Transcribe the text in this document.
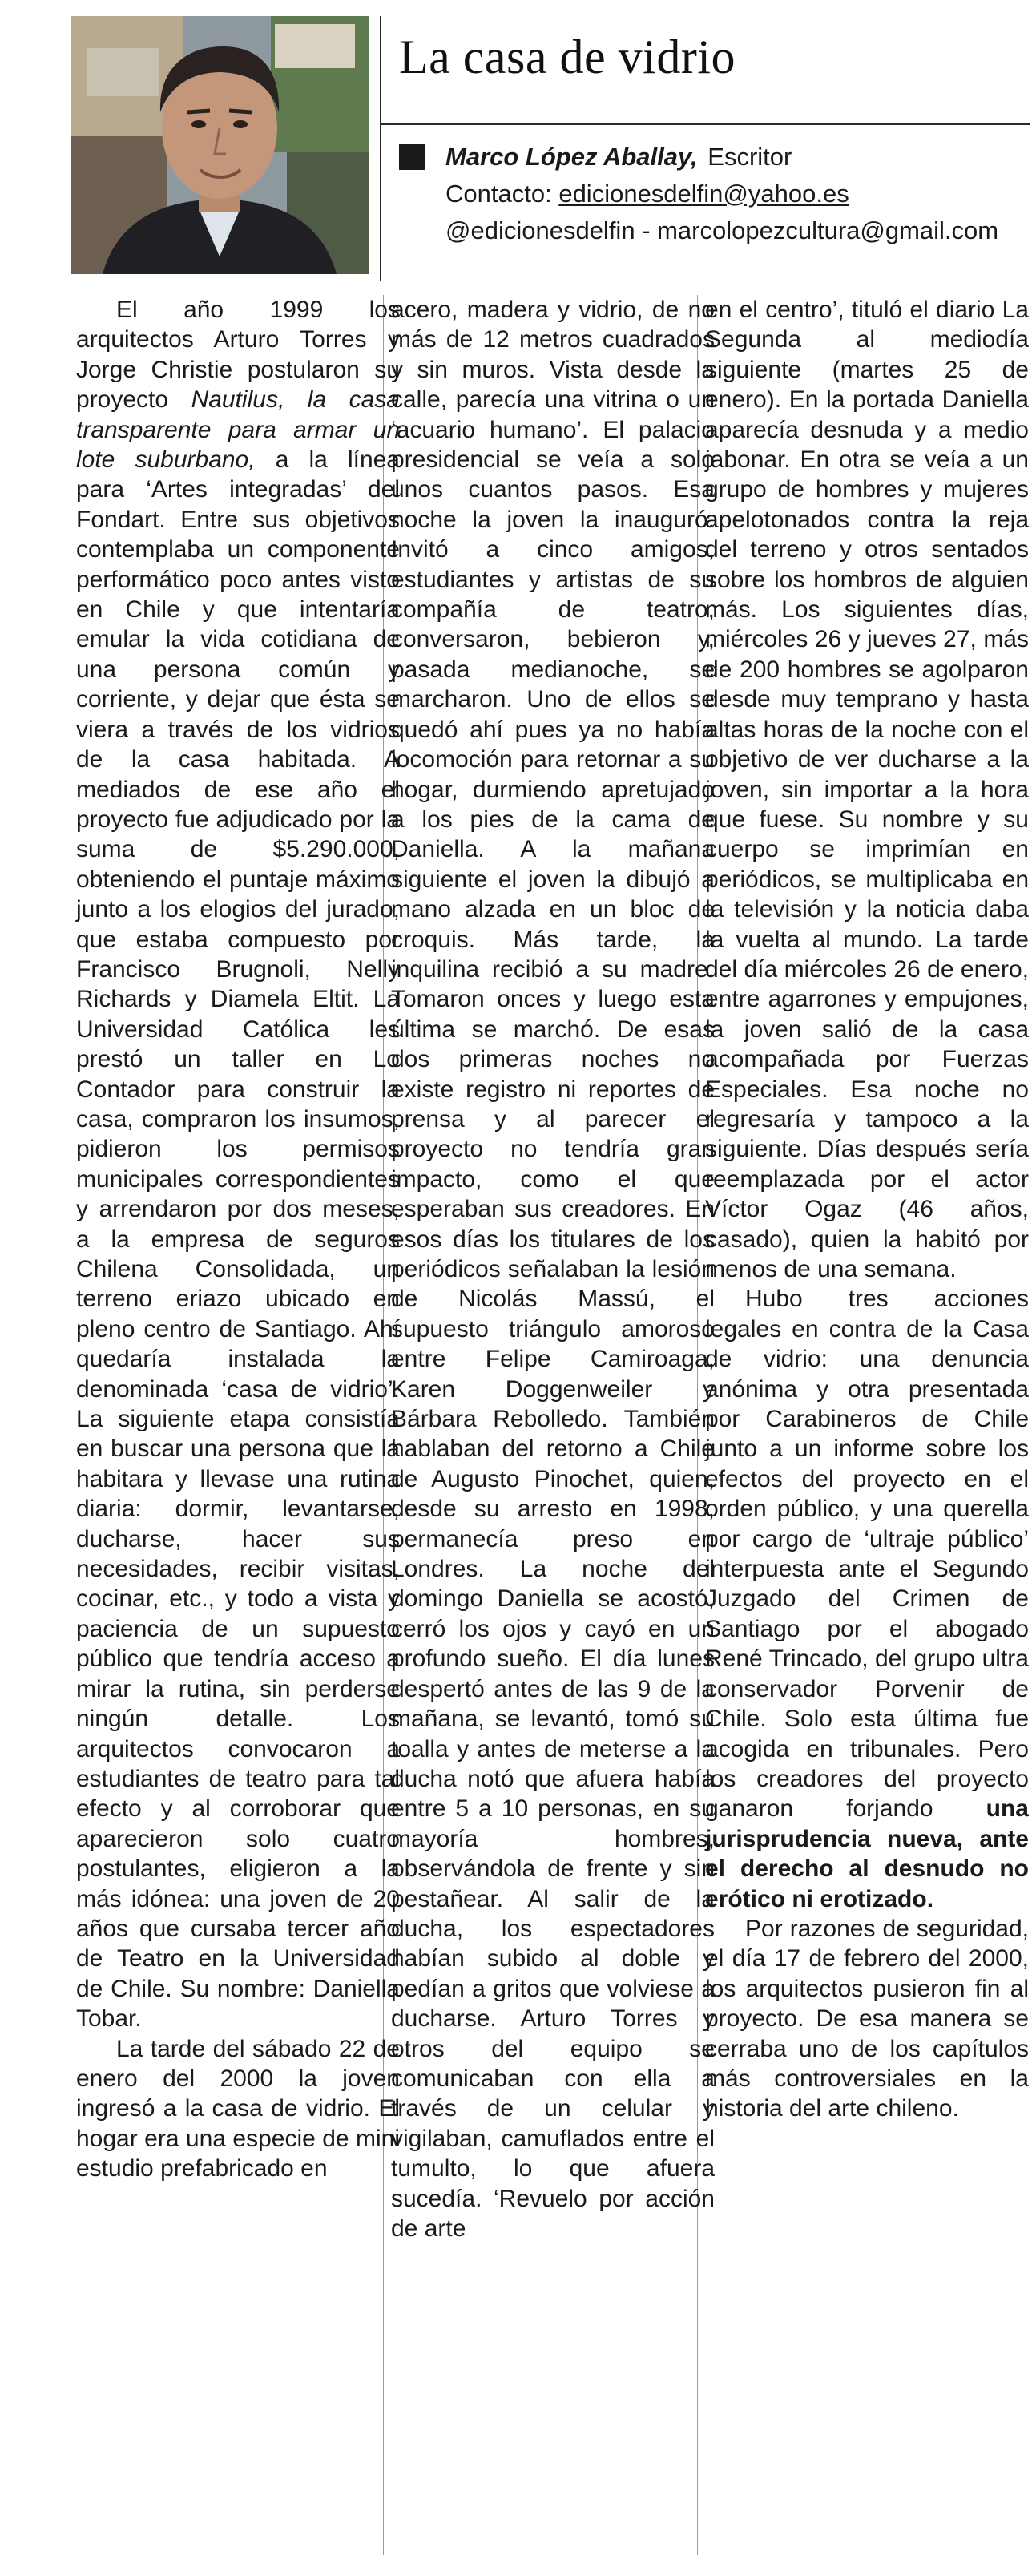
La casa de vidrio
Marco López Aballay,
Escritor
Contacto: edicionesdelfin@yahoo.es
@edicionesdelfin - marcolopezcultura@gmail.com

El año 1999 los arquitectos Arturo Torres y Jorge Christie postularon su proyecto Nautilus, la casa transparente para armar un lote suburbano, a la línea para ‘Artes integradas’ del Fondart. Entre sus objetivos contemplaba un componente performático poco antes visto en Chile y que intentaría emular la vida cotidiana de una persona común y corriente, y dejar que ésta se viera a través de los vidrios de la casa habitada. A mediados de ese año el proyecto fue adjudicado por la suma de $5.290.000, obteniendo el puntaje máximo junto a los elogios del jurado, que estaba compuesto por Francisco Brugnoli, Nelly Richards y Diamela Eltit. La Universidad Católica les prestó un taller en Lo Contador para construir la casa, compraron los insumos, pidieron los permisos municipales correspondientes y arrendaron por dos meses, a la empresa de seguros Chilena Consolidada, un terreno eriazo ubicado en pleno centro de Santiago. Ahí quedaría instalada la denominada ‘casa de vidrio’. La siguiente etapa consistía en buscar una persona que la habitara y llevase una rutina diaria: dormir, levantarse, ducharse, hacer sus necesidades, recibir visitas, cocinar, etc., y todo a vista y paciencia de un supuesto público que tendría acceso a mirar la rutina, sin perderse ningún detalle. Los arquitectos convocaron a estudiantes de teatro para tal efecto y al corroborar que aparecieron solo cuatro postulantes, eligieron a la más idónea: una joven de 20 años que cursaba tercer año de Teatro en la Universidad de Chile. Su nombre: Daniella Tobar.

La tarde del sábado 22 de enero del 2000 la joven ingresó a la casa de vidrio. El hogar era una especie de mini estudio prefabricado en

acero, madera y vidrio, de no más de 12 metros cuadrados y sin muros. Vista desde la calle, parecía una vitrina o un ‘acuario humano’. El palacio presidencial se veía a solo unos cuantos pasos. Esa noche la joven la inauguró. Invitó a cinco amigos, estudiantes y artistas de su compañía de teatro, conversaron, bebieron y, pasada medianoche, se marcharon. Uno de ellos se quedó ahí pues ya no había locomoción para retornar a su hogar, durmiendo apretujado a los pies de la cama de Daniella. A la mañana siguiente el joven la dibujó a mano alzada en un bloc de croquis. Más tarde, la inquilina recibió a su madre. Tomaron onces y luego esta última se marchó. De esas dos primeras noches no existe registro ni reportes de prensa y al parecer el proyecto no tendría gran impacto, como el que esperaban sus creadores. En esos días los titulares de los periódicos señalaban la lesión de Nicolás Massú, el supuesto triángulo amoroso entre Felipe Camiroaga, Karen Doggenweiler y Bárbara Rebolledo. También hablaban del retorno a Chile de Augusto Pinochet, quien, desde su arresto en 1998, permanecía preso en Londres. La noche del domingo Daniella se acostó, cerró los ojos y cayó en un profundo sueño. El día lunes despertó antes de las 9 de la mañana, se levantó, tomó su toalla y antes de meterse a la ducha notó que afuera había entre 5 a 10 personas, en su mayoría hombres, observándola de frente y sin pestañear. Al salir de la ducha, los espectadores habían subido al doble y pedían a gritos que volviese a ducharse. Arturo Torres y otros del equipo se comunicaban con ella a través de un celular y vigilaban, camuflados entre el tumulto, lo que afuera sucedía. ‘Revuelo por acción de arte

en el centro’, tituló el diario La Segunda al mediodía siguiente (martes 25 de enero). En la portada Daniella aparecía desnuda y a medio jabonar. En otra se veía a un grupo de hombres y mujeres apelotonados contra la reja del terreno y otros sentados sobre los hombros de alguien más. Los siguientes días, miércoles 26 y jueves 27, más de 200 hombres se agolparon desde muy temprano y hasta altas horas de la noche con el objetivo de ver ducharse a la joven, sin importar a la hora que fuese. Su nombre y su cuerpo se imprimían en periódicos, se multiplicaba en la televisión y la noticia daba la vuelta al mundo. La tarde del día miércoles 26 de enero, entre agarrones y empujones, la joven salió de la casa acompañada por Fuerzas Especiales. Esa noche no regresaría y tampoco a la siguiente. Días después sería reemplazada por el actor Víctor Ogaz (46 años, casado), quien la habitó por menos de una semana.

Hubo tres acciones legales en contra de la Casa de vidrio: una denuncia anónima y otra presentada por Carabineros de Chile junto a un informe sobre los efectos del proyecto en el orden público, y una querella por cargo de ‘ultraje público’ interpuesta ante el Segundo Juzgado del Crimen de Santiago por el abogado René Trincado, del grupo ultra conservador Porvenir de Chile. Solo esta última fue acogida en tribunales. Pero los creadores del proyecto ganaron forjando una jurisprudencia nueva, ante el derecho al desnudo no erótico ni erotizado.

Por razones de seguridad, el día 17 de febrero del 2000, los arquitectos pusieron fin al proyecto. De esa manera se cerraba uno de los capítulos más controversiales en la historia del arte chileno.
